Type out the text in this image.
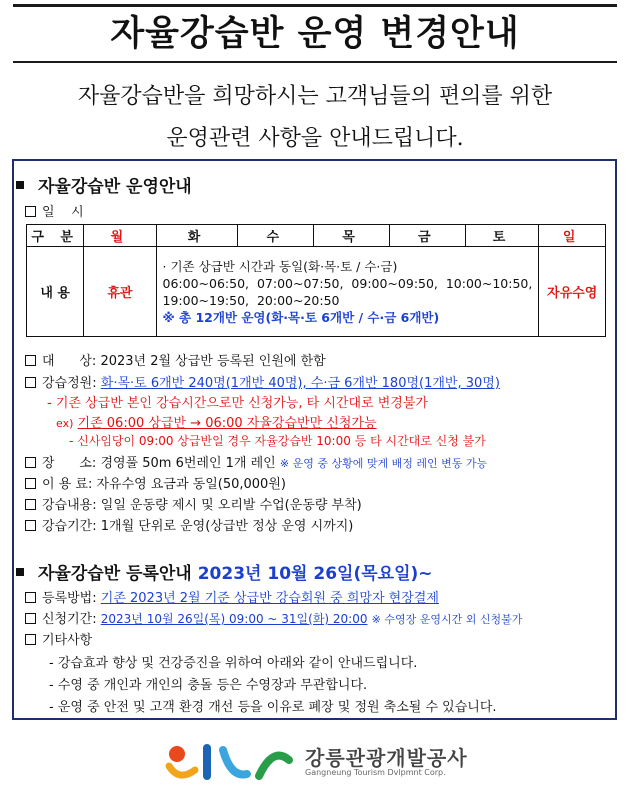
자율강습반 운영 변경안내
자율강습반을 희망하시는 고객님들의 편의를 위한
운영관련 사항을 안내드립니다.
자율강습반 운영안내
일    시
구 분	월	화	수	목	금	토	일
내 용	휴관	· 기존 상급반 시간과 동일(화·목·토 / 수·금)
06:00~06:50,  07:00~07:50,  09:00~09:50,  10:00~10:50,
19:00~19:50,  20:00~20:50
※ 총 12개반 운영(화·목·토 6개반 / 수·금 6개반)					자유수영
대      상: 2023년 2월 상급반 등록된 인원에 한함
강습정원: 화·목·토 6개반 240명(1개반 40명), 수·금 6개반 180명(1개반, 30명)
- 기존 상급반 본인 강습시간으로만 신청가능, 타 시간대로 변경불가
ex) 기존 06:00 상급반 → 06:00 자율강습반만 신청가능
- 신사임당이 09:00 상급반일 경우 자율강습반 10:00 등 타 시간대로 신청 불가
장      소: 경영풀 50m 6번레인 1개 레인 ※ 운영 중 상황에 맞게 배정 레인 변동 가능
이 용 료: 자유수영 요금과 동일(50,000원)
강습내용: 일일 운동량 제시 및 오리발 수업(운동량 부착)
강습기간: 1개월 단위로 운영(상급반 정상 운영 시까지)
자율강습반 등록안내 2023년 10월 26일(목요일)~
등록방법: 기존 2023년 2월 기준 상급반 강습회원 중 희망자 현장결제
신청기간: 2023년 10월 26일(목) 09:00 ~ 31일(화) 20:00 ※ 수영장 운영시간 외 신청불가
기타사항
- 강습효과 향상 및 건강증진을 위하여 아래와 같이 안내드립니다.
- 수영 중 개인과 개인의 충돌 등은 수영장과 무관합니다.
- 운영 중 안전 및 고객 환경 개선 등을 이유로 폐장 및 정원 축소될 수 있습니다.
강릉관광개발공사
Gangneung Tourism Dvlpmnt Corp.
